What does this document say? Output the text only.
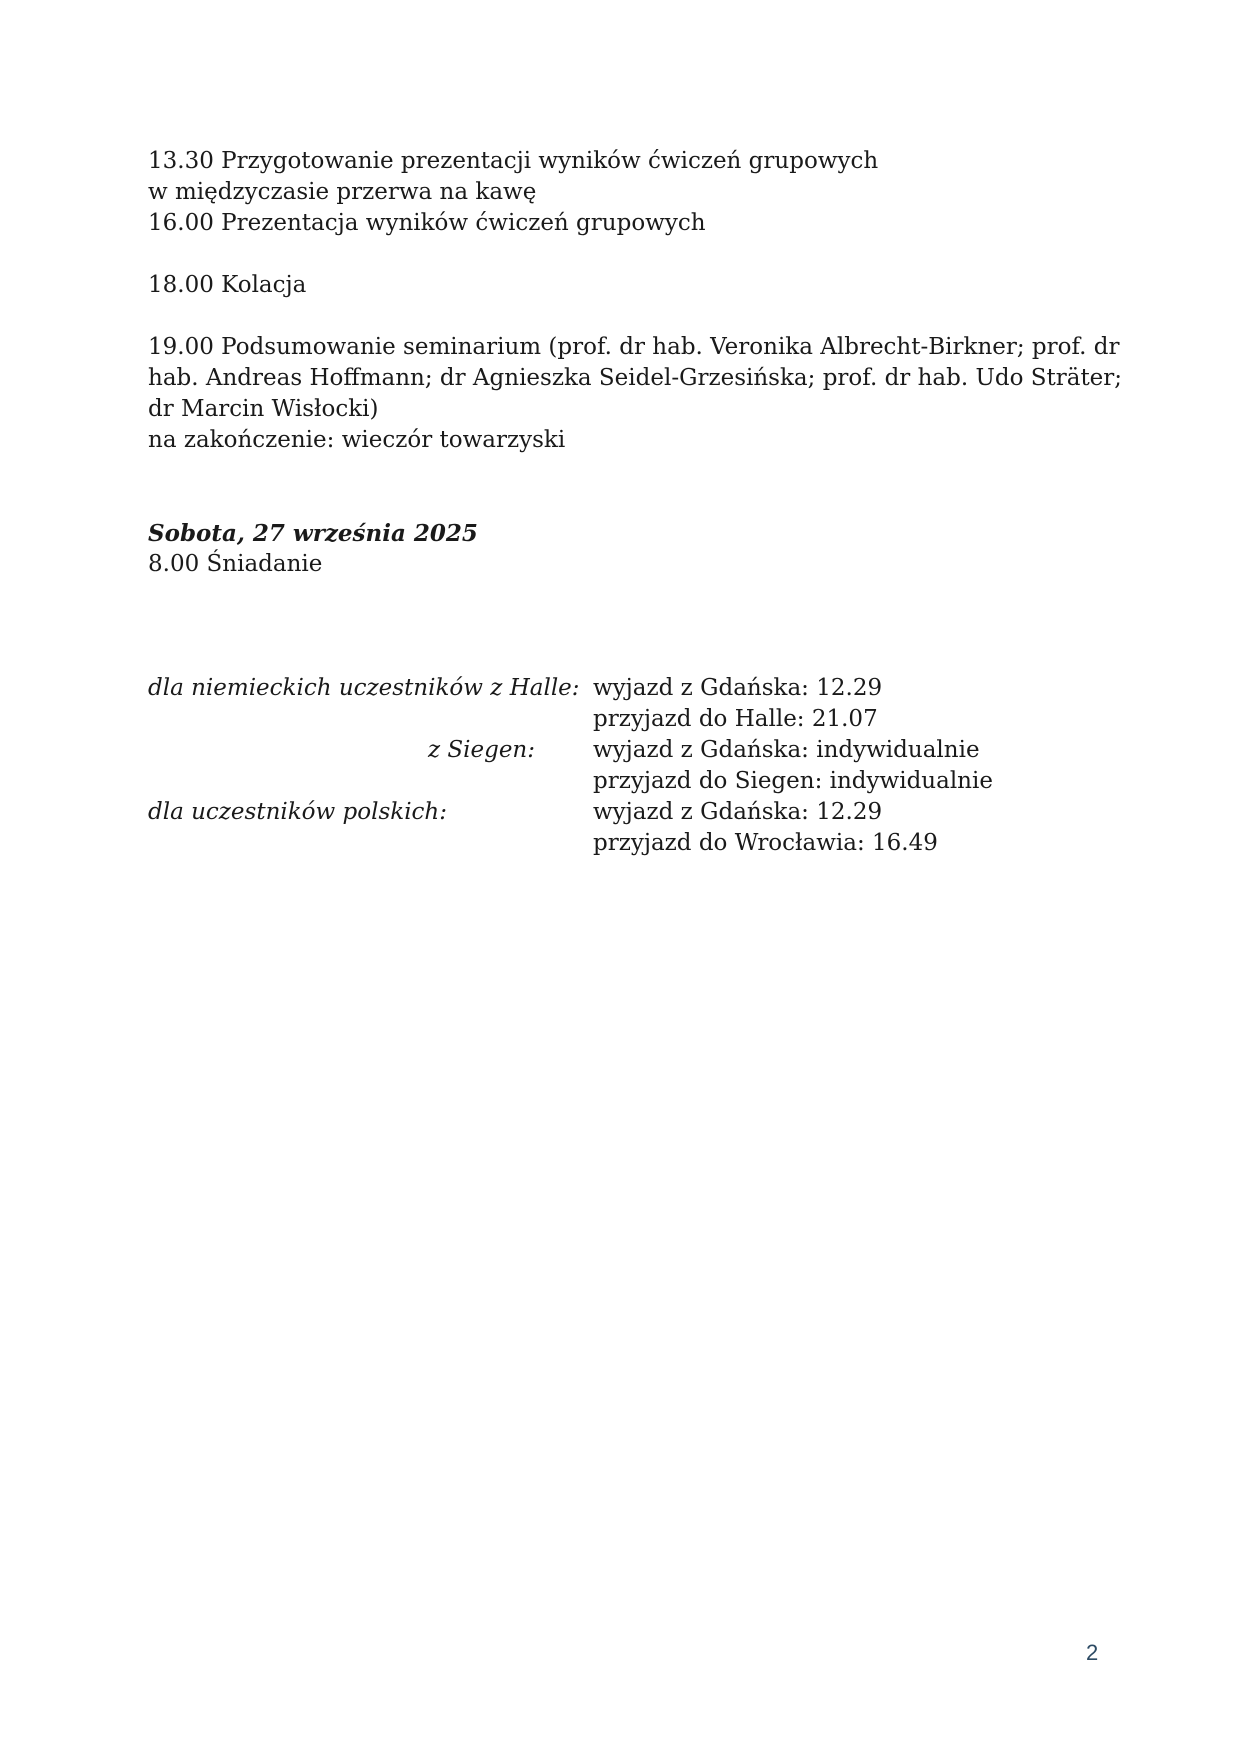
13.30 Przygotowanie prezentacji wyników ćwiczeń grupowych
w międzyczasie przerwa na kawę
16.00 Prezentacja wyników ćwiczeń grupowych
18.00 Kolacja
19.00 Podsumowanie seminarium (prof. dr hab. Veronika Albrecht-Birkner; prof. dr
hab. Andreas Hoffmann; dr Agnieszka Seidel-Grzesińska; prof. dr hab. Udo Sträter;
dr Marcin Wisłocki)
na zakończenie: wieczór towarzyski
Sobota, 27 września 2025
8.00 Śniadanie
dla niemieckich uczestników z Halle: wyjazd z Gdańska: 12.29
przyjazd do Halle: 21.07
z Siegen:	wyjazd z Gdańska: indywidualnie
przyjazd do Siegen: indywidualnie
dla uczestników polskich:	wyjazd z Gdańska: 12.29
przyjazd do Wrocławia: 16.49
2
